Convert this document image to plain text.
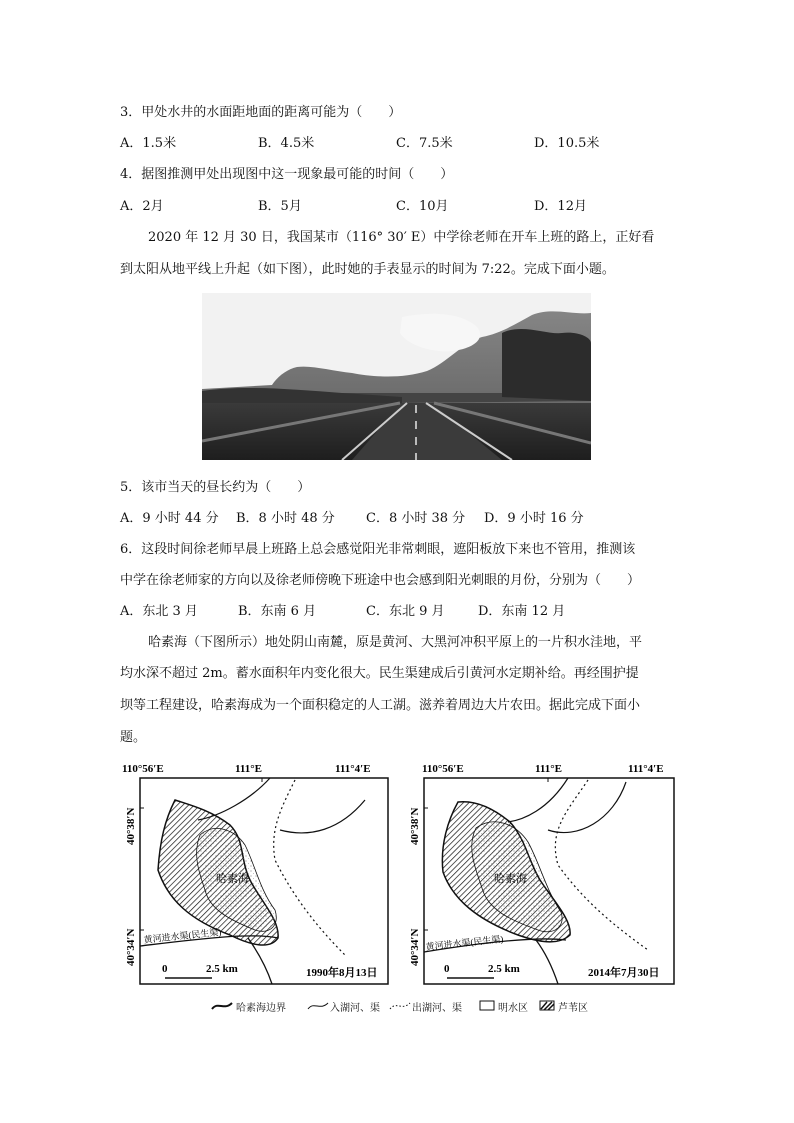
3．甲处水井的水面距地面的距离可能为（　　）
A．1.5米	B．4.5米	C．7.5米	D．10.5米
4．据图推测甲处出现图中这一现象最可能的时间（　　）
A．2月	B．5月	C．10月	D．12月
2020 年 12 月 30 日，我国某市（116° 30′ E）中学徐老师在开车上班的路上，正好看
到太阳从地平线上升起（如下图），此时她的手表显示的时间为 7:22。完成下面小题。
5．该市当天的昼长约为（　　）
A．9 小时 44 分 B．8 小时 48 分 C．8 小时 38 分 D．9 小时 16 分
6．这段时间徐老师早晨上班路上总会感觉阳光非常刺眼，遮阳板放下来也不管用，推测该
中学在徐老师家的方向以及徐老师傍晚下班途中也会感到阳光刺眼的月份，分别为（　　）
A．东北 3 月	B．东南 6 月	C．东北 9 月	D．东南 12 月
哈素海（下图所示）地处阴山南麓，原是黄河、大黑河冲积平原上的一片积水洼地，平
均水深不超过 2m。蓄水面积年内变化很大。民生渠建成后引黄河水定期补给。再经围护提
坝等工程建设，哈素海成为一个面积稳定的人工湖。滋养着周边大片农田。据此完成下面小
题。
110°56′E	111°E	111°4′E
40°38′N
40°34′N
哈素海
黄河进水渠(民生渠)
0	2.5 km	1990年8月13日
110°56′E	111°E	111°4′E
40°38′N
40°34′N
哈素海
黄河进水渠(民生渠)
0	2.5 km	2014年7月30日
哈素海边界	入湖河、渠	出湖河、渠	明水区	芦苇区
